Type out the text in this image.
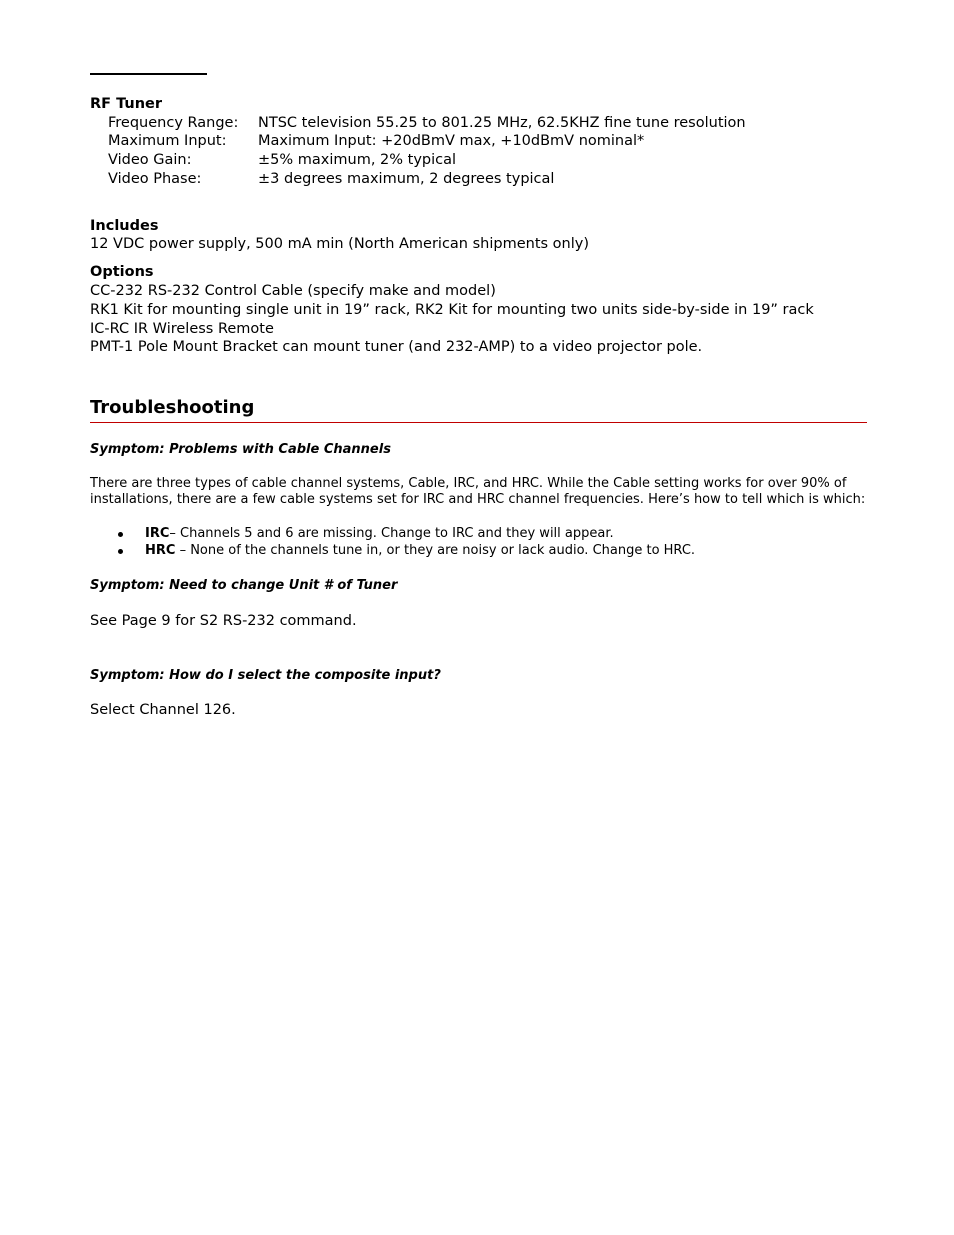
RF Tuner
Frequency Range: NTSC television 55.25 to 801.25 MHz, 62.5KHZ fine tune resolution
Maximum Input: Maximum Input: +20dBmV max, +10dBmV nominal*
Video Gain:	±5% maximum, 2% typical
Video Phase:	±3 degrees maximum, 2 degrees typical
Includes
12 VDC power supply, 500 mA min (North American shipments only)
Options
CC-232 RS-232 Control Cable (specify make and model)
RK1 Kit for mounting single unit in 19” rack, RK2 Kit for mounting two units side-by-side in 19” rack
IC-RC IR Wireless Remote
PMT-1 Pole Mount Bracket can mount tuner (and 232-AMP) to a video projector pole.
Troubleshooting
Symptom: Problems with Cable Channels
There are three types of cable channel systems, Cable, IRC, and HRC. While the Cable setting works for over 90% of
installations, there are a few cable systems set for IRC and HRC channel frequencies. Here’s how to tell which is which:
IRC– Channels 5 and 6 are missing. Change to IRC and they will appear.
HRC – None of the channels tune in, or they are noisy or lack audio. Change to HRC.
Symptom: Need to change Unit # of Tuner
See Page 9 for S2 RS-232 command.
Symptom: How do I select the composite input?
Select Channel 126.
